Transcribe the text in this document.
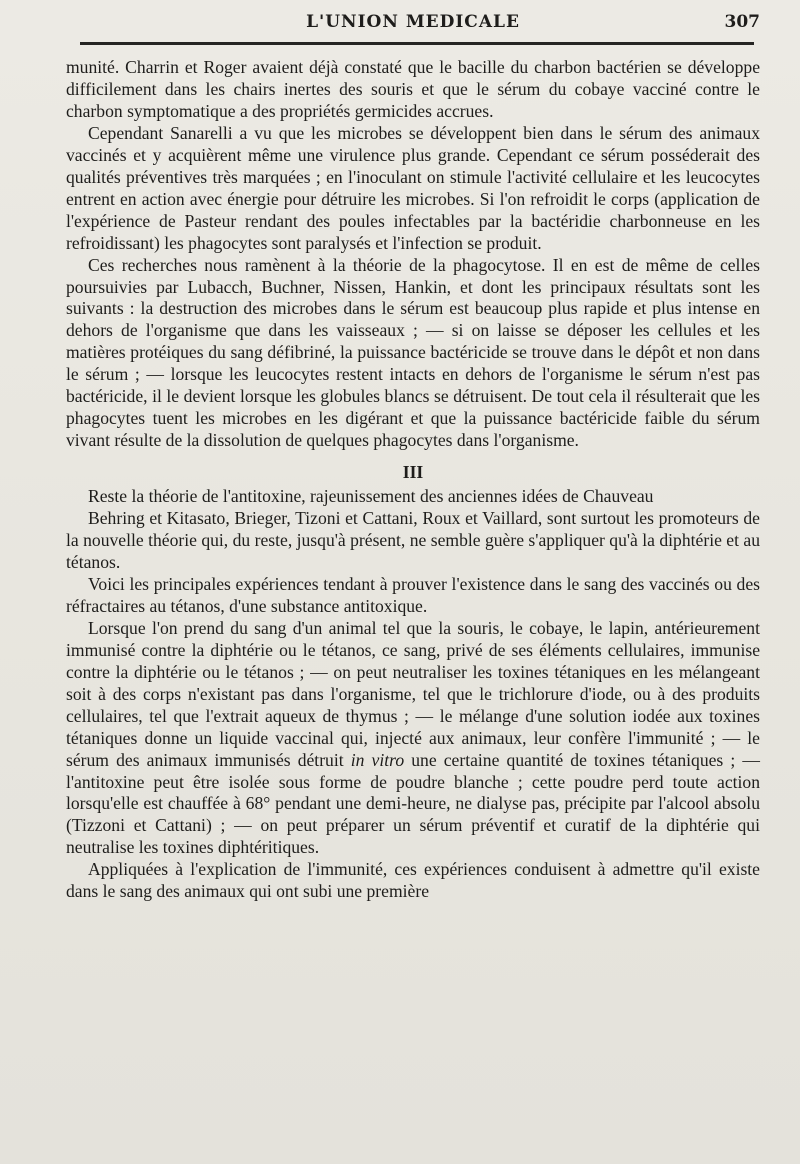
L'UNION MEDICALE	307

munité. Charrin et Roger avaient déjà constaté que le bacille du charbon bactérien se développe difficilement dans les chairs inertes des souris et que le sérum du cobaye vacciné contre le charbon symptomatique a des propriétés germicides accrues.

Cependant Sanarelli a vu que les microbes se développent bien dans le sérum des animaux vaccinés et y acquièrent même une virulence plus grande. Cependant ce sérum posséderait des qualités préventives très marquées ; en l'inoculant on stimule l'activité cellulaire et les leucocytes entrent en action avec énergie pour détruire les microbes. Si l'on refroidit le corps (application de l'expérience de Pasteur rendant des poules infectables par la bactéridie charbonneuse en les refroidissant) les phagocytes sont paralysés et l'infection se produit.

Ces recherches nous ramènent à la théorie de la phagocytose. Il en est de même de celles poursuivies par Lubacch, Buchner, Nissen, Hankin, et dont les principaux résultats sont les suivants : la destruction des microbes dans le sérum est beaucoup plus rapide et plus intense en dehors de l'organisme que dans les vaisseaux ; — si on laisse se déposer les cellules et les matières protéiques du sang défibriné, la puissance bactéricide se trouve dans le dépôt et non dans le sérum ; — lorsque les leucocytes restent intacts en dehors de l'organisme le sérum n'est pas bactéricide, il le devient lorsque les globules blancs se détruisent. De tout cela il résulterait que les phagocytes tuent les microbes en les digérant et que la puissance bactéricide faible du sérum vivant résulte de la dissolution de quelques phagocytes dans l'organisme.

III

Reste la théorie de l'antitoxine, rajeunissement des anciennes idées de Chauveau

Behring et Kitasato, Brieger, Tizoni et Cattani, Roux et Vaillard, sont surtout les promoteurs de la nouvelle théorie qui, du reste, jusqu'à présent, ne semble guère s'appliquer qu'à la diphtérie et au tétanos.

Voici les principales expériences tendant à prouver l'existence dans le sang des vaccinés ou des réfractaires au tétanos, d'une substance antitoxique.

Lorsque l'on prend du sang d'un animal tel que la souris, le cobaye, le lapin, antérieurement immunisé contre la diphtérie ou le tétanos, ce sang, privé de ses éléments cellulaires, immunise contre la diphtérie ou le tétanos ; — on peut neutraliser les toxines tétaniques en les mélangeant soit à des corps n'existant pas dans l'organisme, tel que le trichlorure d'iode, ou à des produits cellulaires, tel que l'extrait aqueux de thymus ; — le mélange d'une solution iodée aux toxines tétaniques donne un liquide vaccinal qui, injecté aux animaux, leur confère l'immunité ; — le sérum des animaux immunisés détruit in vitro une certaine quantité de toxines tétaniques ; — l'antitoxine peut être isolée sous forme de poudre blanche ; cette poudre perd toute action lorsqu'elle est chauffée à 68° pendant une demi-heure, ne dialyse pas, précipite par l'alcool absolu (Tizzoni et Cattani) ; — on peut préparer un sérum préventif et curatif de la diphtérie qui neutralise les toxines diphtéritiques.

Appliquées à l'explication de l'immunité, ces expériences conduisent à admettre qu'il existe dans le sang des animaux qui ont subi une première
